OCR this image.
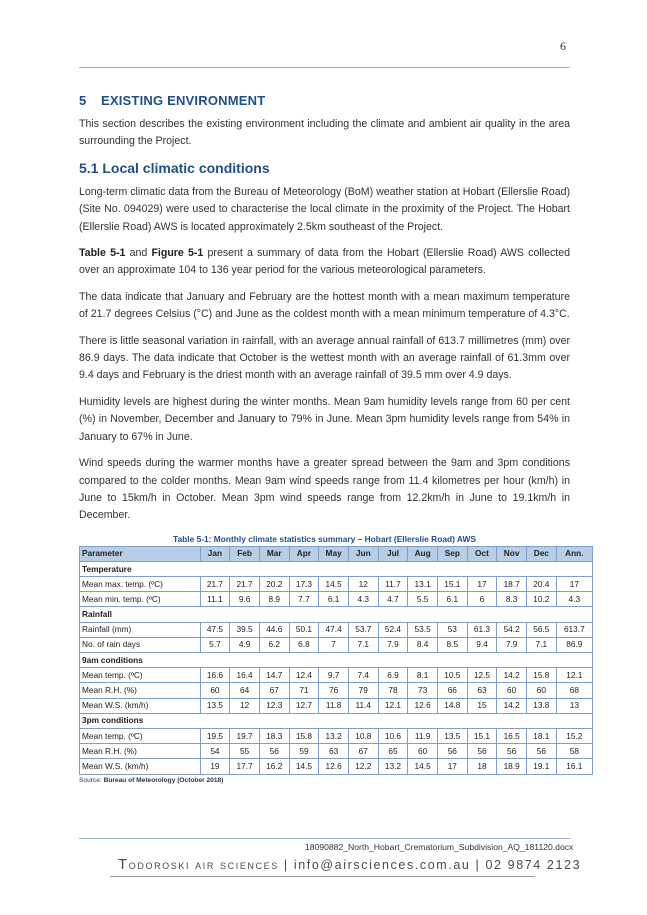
6
5 EXISTING ENVIRONMENT

This section describes the existing environment including the climate and ambient air quality in the area surrounding the Project.

5.1 Local climatic conditions

Long-term climatic data from the Bureau of Meteorology (BoM) weather station at Hobart (Ellerslie Road) (Site No. 094029) were used to characterise the local climate in the proximity of the Project. The Hobart (Ellerslie Road) AWS is located approximately 2.5km southeast of the Project.

Table 5-1 and Figure 5-1 present a summary of data from the Hobart (Ellerslie Road) AWS collected over an approximate 104 to 136 year period for the various meteorological parameters.

The data indicate that January and February are the hottest month with a mean maximum temperature of 21.7 degrees Celsius (°C) and June as the coldest month with a mean minimum temperature of 4.3°C.

There is little seasonal variation in rainfall, with an average annual rainfall of 613.7 millimetres (mm) over 86.9 days. The data indicate that October is the wettest month with an average rainfall of 61.3mm over 9.4 days and February is the driest month with an average rainfall of 39.5 mm over 4.9 days.

Humidity levels are highest during the winter months. Mean 9am humidity levels range from 60 per cent (%) in November, December and January to 79% in June. Mean 3pm humidity levels range from 54% in January to 67% in June.

Wind speeds during the warmer months have a greater spread between the 9am and 3pm conditions compared to the colder months. Mean 9am wind speeds range from 11.4 kilometres per hour (km/h) in June to 15km/h in October. Mean 3pm wind speeds range from 12.2km/h in June to 19.1km/h in December.

Table 5-1: Monthly climate statistics summary – Hobart (Ellerslie Road) AWS
Parameter	Jan	Feb	Mar	Apr	May	Jun	Jul	Aug	Sep	Oct	Nov	Dec	Ann.
Temperature													
Mean max. temp. (ºC)	21.7	21.7	20.2	17.3	14.5	12	11.7	13.1	15.1	17	18.7	20.4	17
Mean min. temp. (ºC)	11.1	9.6	8.9	7.7	6.1	4.3	4.7	5.5	6.1	6	8.3	10.2	4.3
Rainfall													
Rainfall (mm)	47.5	39.5	44.6	50.1	47.4	53.7	52.4	53.5	53	61.3	54.2	56.5	613.7
No. of rain days	5.7	4.9	6.2	6.8	7	7.1	7.9	8.4	8.5	9.4	7.9	7.1	86.9
9am conditions													
Mean temp. (ºC)	16.6	16.4	14.7	12.4	9.7	7.4	6.9	8.1	10.5	12.5	14.2	15.8	12.1
Mean R.H. (%)	60	64	67	71	76	79	78	73	66	63	60	60	68
Mean W.S. (km/h)	13.5	12	12.3	12.7	11.8	11.4	12.1	12.6	14.8	15	14.2	13.8	13
3pm conditions													
Mean temp. (ºC)	19.5	19.7	18.3	15.8	13.2	10.8	10.6	11.9	13.5	15.1	16.5	18.1	15.2
Mean R.H. (%)	54	55	56	59	63	67	65	60	56	56	56	56	58
Mean W.S. (km/h)	19	17.7	16.2	14.5	12.6	12.2	13.2	14.5	17	18	18.9	19.1	16.1
Source: Bureau of Meteorology (October 2018)
18090882_North_Hobart_Crematorium_Subdivision_AQ_181120.docx
Todoroski air sciences | info@airsciences.com.au | 02 9874 2123
